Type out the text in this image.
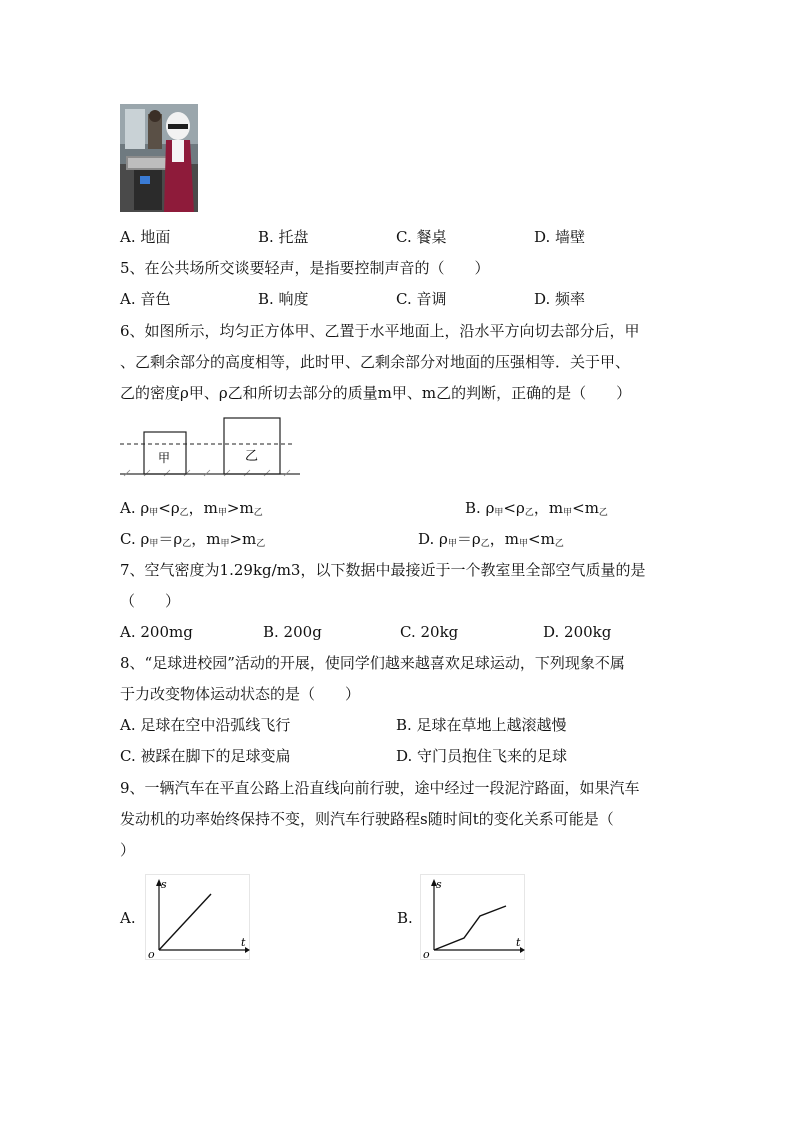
A. 地面	B. 托盘	C. 餐桌	D. 墙壁
5、在公共场所交谈要轻声，是指要控制声音的（　　）
A. 音色	B. 响度	C. 音调	D. 频率
6、如图所示，均匀正方体甲、乙置于水平地面上，沿水平方向切去部分后，甲
、乙剩余部分的高度相等，此时甲、乙剩余部分对地面的压强相等．关于甲、
乙的密度ρ甲、ρ乙和所切去部分的质量m甲、m乙的判断，正确的是（　　）
甲	乙
A. $\rho_甲<\rho_乙$，$m_甲>m_乙$	B. $\rho_甲<\rho_乙$，$m_甲<m_乙$
C. $\rho_甲=\rho_乙$，$m_甲>m_乙$	D. $\rho_甲=\rho_乙$，$m_甲<m_乙$
7、空气密度为1.29kg/m3，以下数据中最接近于一个教室里全部空气质量的是
（　　）
A. 200mg	B. 200g	C. 20kg	D. 200kg
8、“足球进校园”活动的开展，使同学们越来越喜欢足球运动，下列现象不属
于力改变物体运动状态的是（　　）
A. 足球在空中沿弧线飞行	B. 足球在草地上越滚越慢
C. 被踩在脚下的足球变扁	D. 守门员抱住飞来的足球
9、一辆汽车在平直公路上沿直线向前行驶，途中经过一段泥泞路面，如果汽车
发动机的功率始终保持不变，则汽车行驶路程s随时间t的变化关系可能是（
）
A.
s
t
o
B.
s
t
o
